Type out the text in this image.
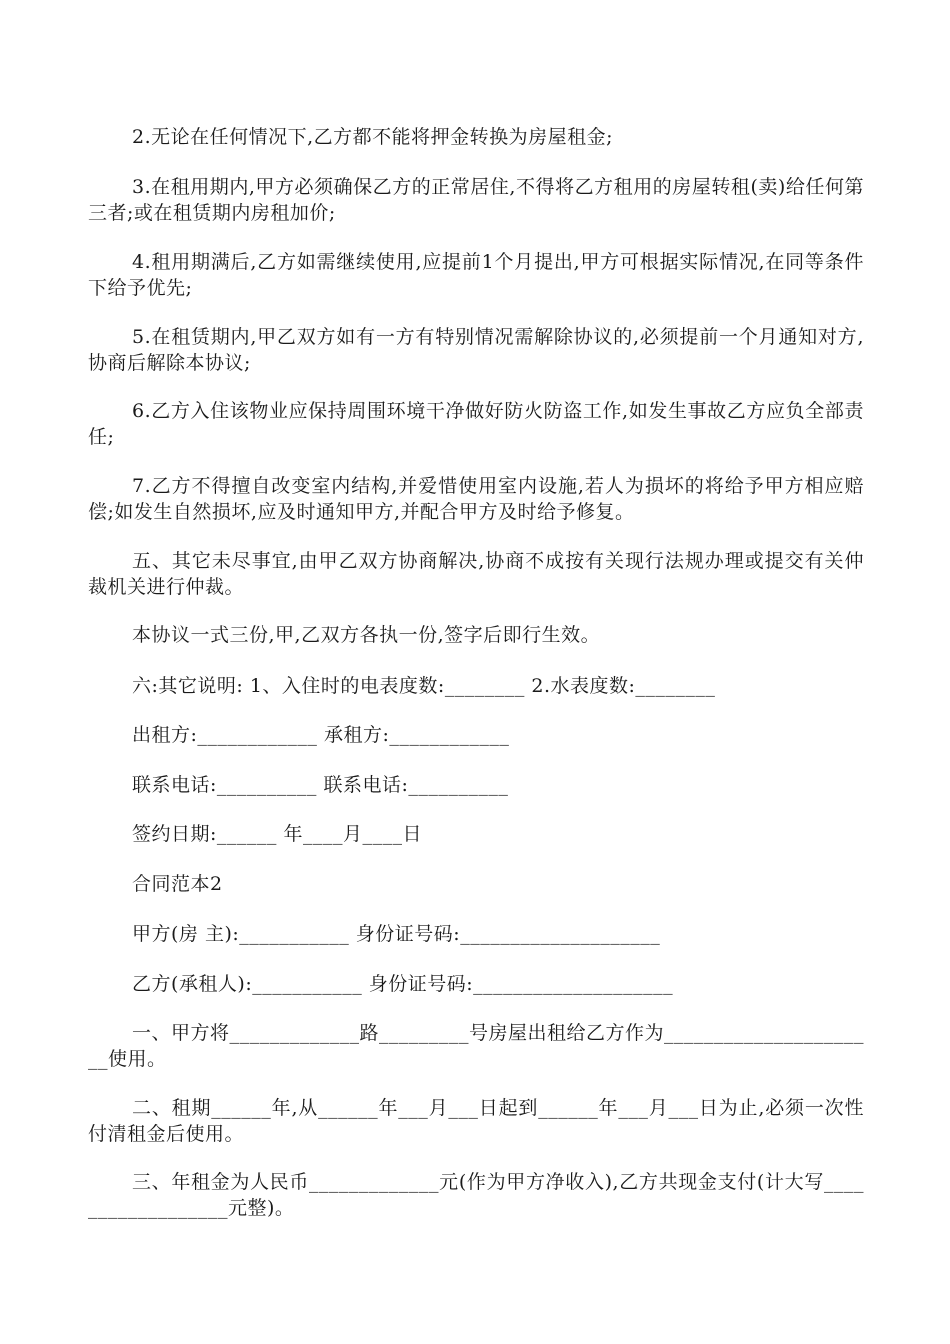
2.无论在任何情况下,乙方都不能将押金转换为房屋租金;

3.在租用期内,甲方必须确保乙方的正常居住,不得将乙方租用的房屋转租(卖)给任何第三者;或在租赁期内房租加价;

4.租用期满后,乙方如需继续使用,应提前1个月提出,甲方可根据实际情况,在同等条件下给予优先;

5.在租赁期内,甲乙双方如有一方有特别情况需解除协议的,必须提前一个月通知对方,协商后解除本协议;

6.乙方入住该物业应保持周围环境干净做好防火防盗工作,如发生事故乙方应负全部责任;

7.乙方不得擅自改变室内结构,并爱惜使用室内设施,若人为损坏的将给予甲方相应赔偿;如发生自然损坏,应及时通知甲方,并配合甲方及时给予修复。

五、其它未尽事宜,由甲乙双方协商解决,协商不成按有关现行法规办理或提交有关仲裁机关进行仲裁。

本协议一式三份,甲,乙双方各执一份,签字后即行生效。

六:其它说明: 1、入住时的电表度数:________ 2.水表度数:________

出租方:____________ 承租方:____________

联系电话:__________ 联系电话:__________

签约日期:______ 年____月____日

合同范本2

甲方(房 主):___________ 身份证号码:____________________

乙方(承租人):___________ 身份证号码:____________________

一、甲方将_____________路_________号房屋出租给乙方作为______________________使用。

二、租期______年,从______年___月___日起到______年___月___日为止,必须一次性付清租金后使用。

三、年租金为人民币_____________元(作为甲方净收入),乙方共现金支付(计大写__________________元整)。
